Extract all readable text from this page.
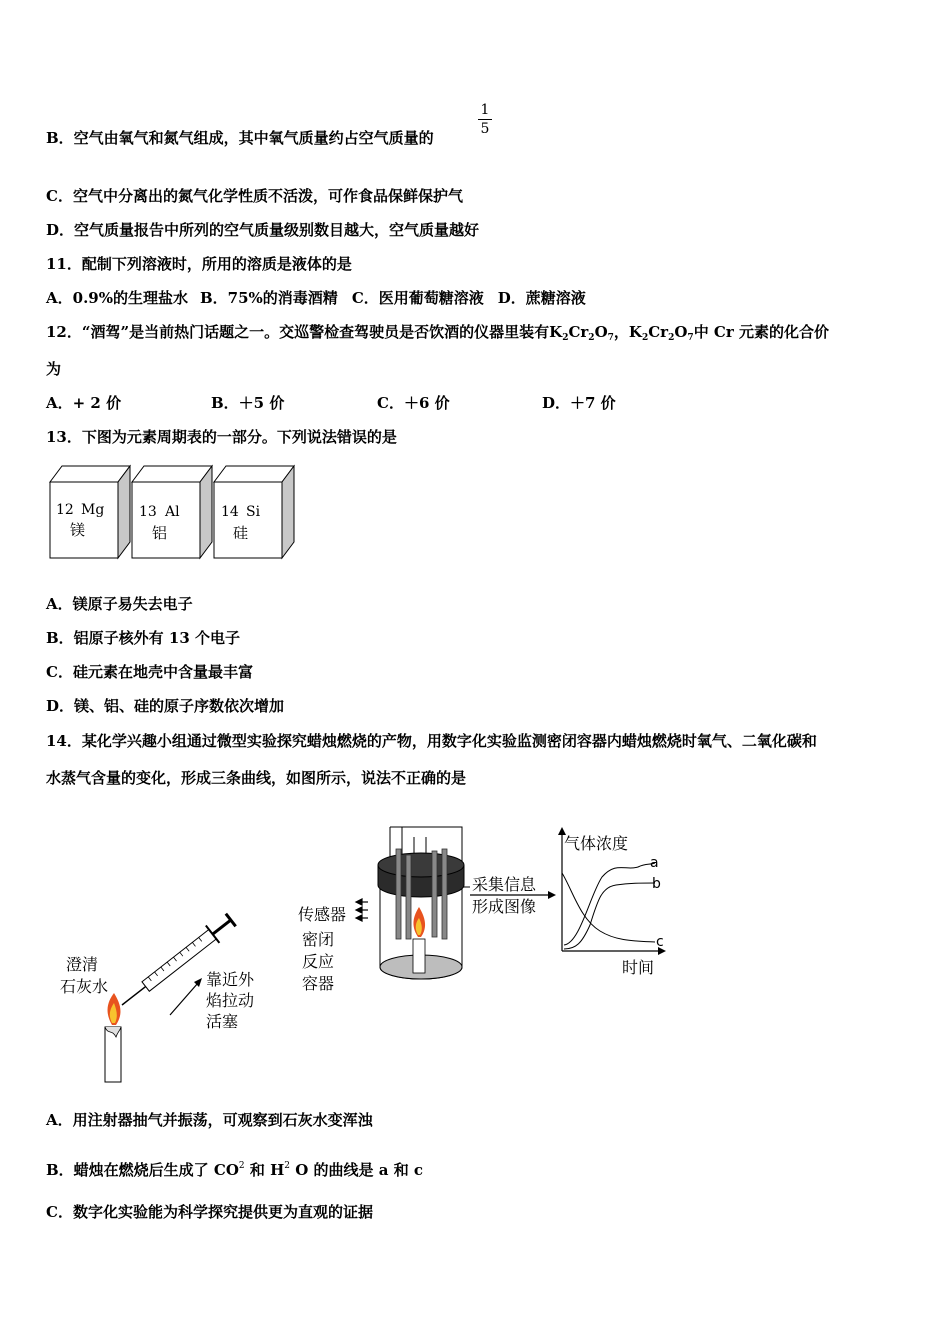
B．空气由氧气和氮气组成，其中氧气质量约占空气质量的
1
5
C．空气中分离出的氮气化学性质不活泼，可作食品保鲜保护气
D．空气质量报告中所列的空气质量级别数目越大，空气质量越好
11．配制下列溶液时，所用的溶质是液体的是
A．0.9%的生理盐水 B．75%的消毒酒精 C．医用葡萄糖溶液 D．蔗糖溶液
12．“酒驾”是当前热门话题之一。交巡警检查驾驶员是否饮酒的仪器里装有$K_2Cr_2O_7$，$K_2Cr_2O_7$中 Cr 元素的化合价
为
A．+ 2 价	B．＋5 价	C．＋6 价	D．＋7 价
13．下图为元素周期表的一部分。下列说法错误的是
12 Mg
镁
13 Al
铝
14 Si
硅
A．镁原子易失去电子
B．铝原子核外有 13 个电子
C．硅元素在地壳中含量最丰富
D．镁、铝、硅的原子序数依次增加
14．某化学兴趣小组通过微型实验探究蜡烛燃烧的产物，用数字化实验监测密闭容器内蜡烛燃烧时氧气、二氧化碳和
水蒸气含量的变化，形成三条曲线，如图所示，说法不正确的是
澄清
石灰水	靠近外
焰拉动
活塞
传感器
密闭
反应
容器
采集信息
形成图像
气体浓度
时间
a
b
c
A．用注射器抽气并振荡，可观察到石灰水变浑浊
B．蜡烛在燃烧后生成了 $CO^2$ 和 $H^2$ O 的曲线是 a 和 c
C．数字化实验能为科学探究提供更为直观的证据
